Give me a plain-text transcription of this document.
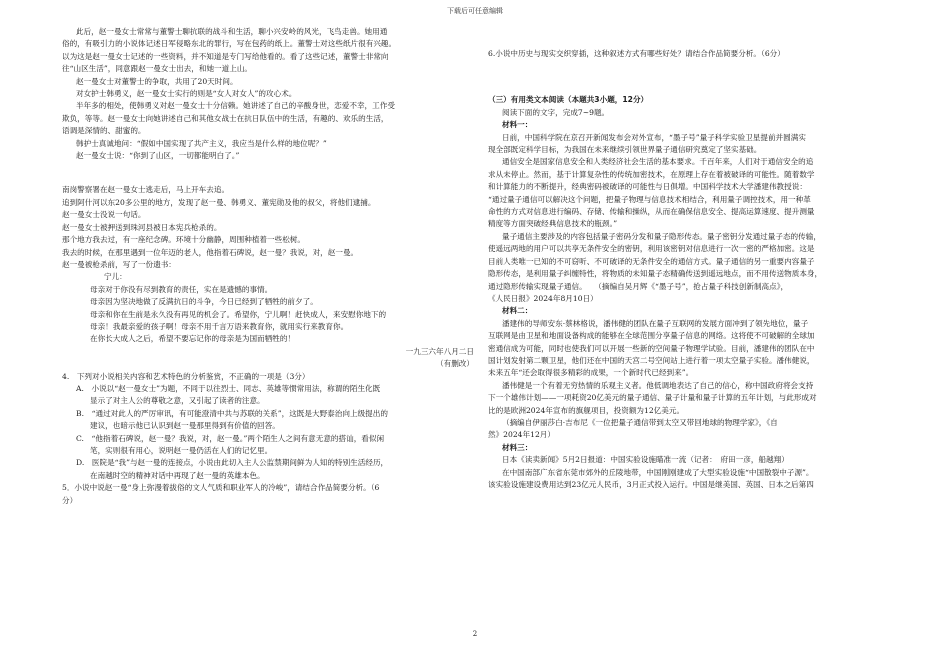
下载后可任意编辑
此后，赵一曼女士常常与董警士聊抗联的战斗和生活，聊小兴安岭的风光，飞鸟走兽。她用通
俗的，有吸引力的小说体记述日军侵略东北的罪行，写在包药的纸上。董警士对这些纸片很有兴趣。
以为这是赵一曼女士记述的一些资料，并不知道是专门写给他看的。看了这些记述，董警士非常向
往“山区生活”，同意跟赵一曼女士出去，和她一道上山。
赵一曼女士对董警士的争取，共用了20天时间。
对女护士韩勇义，赵一曼女士实行的则是“女人对女人”的攻心术。
半年多的相处，使韩勇义对赵一曼女士十分信赖。她讲述了自己的辛酸身世，恋爱不幸，工作受
欺负，等等。赵一曼女士向她讲述自己和其他女战士在抗日队伍中的生活，有趣的、欢乐的生活，
语调是深情的、甜蜜的。
韩护士真诚地问：“假如中国实现了共产主义，我应当是什么样的地位呢？”
赵一曼女士说：“你到了山区，一切都能明白了。”
南岗警察署在赵一曼女士逃走后，马上开车去追。
追到阿什河以东20多公里的地方，发现了赵一曼、韩勇义、董宪勋及他的叔父，将他们逮捕。
赵一曼女士没说一句话。
赵一曼女士被押送到珠河县被日本宪兵枪杀的。
那个地方我去过，有一座纪念碑。环境十分幽静，周围种植着一些松树。
我去的时候，在那里遇到一位年迈的老人，他指着石碑说，赵一曼？我说，对，赵一曼。
赵一曼被枪杀前，写了一份遗书：
宁儿：
母亲对于你没有尽到教育的责任，实在是遗憾的事情。
母亲因为坚决地做了反满抗日的斗争，今日已经到了牺牲的前夕了。
母亲和你在生前是永久没有再见的机会了。希望你，宁儿啊！赶快成人，来安慰你地下的
母亲！我最亲爱的孩子啊！母亲不用千言万语来教育你，就用实行来教育你。
在你长大成人之后，希望不要忘记你的母亲是为国而牺牲的！
一九三六年八月二日
（有删改）
4.　下列对小说相关内容和艺术特色的分析鉴赏，不正确的一项是（3分）
A.　小说以“赵一曼女士”为题，不同于以往烈士、同志、英雄等惯常用法，称谓的陌生化既
显示了对主人公的尊敬之意，又引起了读者的注意。
B.　“通过对此人的严厉审讯，有可能澄清中共与苏联的关系”，这既是大野泰治向上级提出的
建议，也暗示他已认识到赵一曼那里得到有价值的回答。
C.　“他指着石碑说，赵一曼？我说，对，赵一曼。”两个陌生人之间有意无意的搭讪，看似闲
笔，实则很有用心，说明赵一曼仍活在人们的记忆里。
D.　医院是“我”与赵一曼的连接点，小说由此切入主人公监禁期间鲜为人知的特别生活经历，
在南越时空的精神对话中再现了赵一曼的英雄本色。
5．小说中说赵一曼“身上弥漫着拔俗的文人气质和职业军人的冷峻”，请结合作品简要分析。（6
分）
6.小说中历史与现实交织穿插，这种叙述方式有哪些好处？请结合作品简要分析。（6分）
（三）有用类文本阅读（本题共3小题，12分）
阅读下面的文字，完成7~9题。
材料一：
日前，中国科学院在京召开新闻发布会对外宣布，“墨子号”量子科学实验卫星提前并圆满实
现全部既定科学目标，为我国在未来继续引领世界量子通信研究奠定了坚实基础。
通信安全是国家信息安全和人类经济社会生活的基本要求。千百年来，人们对于通信安全的追
求从未停止。然而，基于计算复杂性的传统加密技术，在原理上存在着被破译的可能性。随着数学
和计算能力的不断提升，经典密码被破译的可能性与日俱增。中国科学技术大学潘建伟教授说：
“通过量子通信可以解决这个问题，把量子物理与信息技术相结合，利用量子调控技术，用一种革
命性的方式对信息进行编码、存储、传输和操纵，从而在确保信息安全、提高运算速度、提升测量
精度等方面突破经典信息技术的瓶颈。”
量子通信主要涉及的内容包括量子密码分发和量子隐形传态。量子密钥分发通过量子态的传输，
使遥远两地的用户可以共享无条件安全的密钥，利用该密钥对信息进行一次一密的严格加密。这是
目前人类唯一已知的不可窃听、不可破译的无条件安全的通信方式。量子通信的另一重要内容量子
隐形传态，是利用量子纠缠特性，将物质的未知量子态精确传送到遥远地点，而不用传送物质本身，
通过隐形传输实现量子通信。　　（摘编自吴月辉《“墨子号”，抢占量子科技创新制高点》，
《人民日报》2024年8月10日）
材料二：
潘建伟的导师安东·蔡林格说，潘伟健的团队在量子互联网的发展方面冲到了领先地位，量子
互联网是由卫星和地面设备构成的能够在全球范围分享量子信息的网络。这将使不可破解的全球加
密通信成为可能，同时也使我们可以开展一些新的空间量子物理学试验。目前，潘建伟的团队在中
国计划发射第二颗卫星，他们还在中国的天宫二号空间站上进行着一项太空量子实验。潘伟健说，
未来五年“还会取得很多精彩的成果，一个新时代已经到来”。
潘伟健是一个有着无穷热情的乐观主义者。他低调地表达了自己的信心，称中国政府将会支持
下一个雄伟计划——一项耗资20亿美元的量子通信、量子计量和量子计算的五年计划，与此形成对
比的是欧洲2024年宣布的旗舰项目，投资额为12亿美元。
（摘编自伊丽莎白·吉布尼《一位把量子通信带到太空又带回地球的物理学家》，《自
然》2024年12月）
材料三：
日本《读卖新闻》5月2日报道：中国实验设施瞄准一流（记者：　府田一彦，船越翔）
在中国南部广东省东莞市郊外的丘陵地带，中国刚刚建成了大型实验设施“中国散裂中子源”。
该实验设施建设费用达到23亿元人民币，3月正式投入运行。中国是继美国、英国、日本之后第四
2
